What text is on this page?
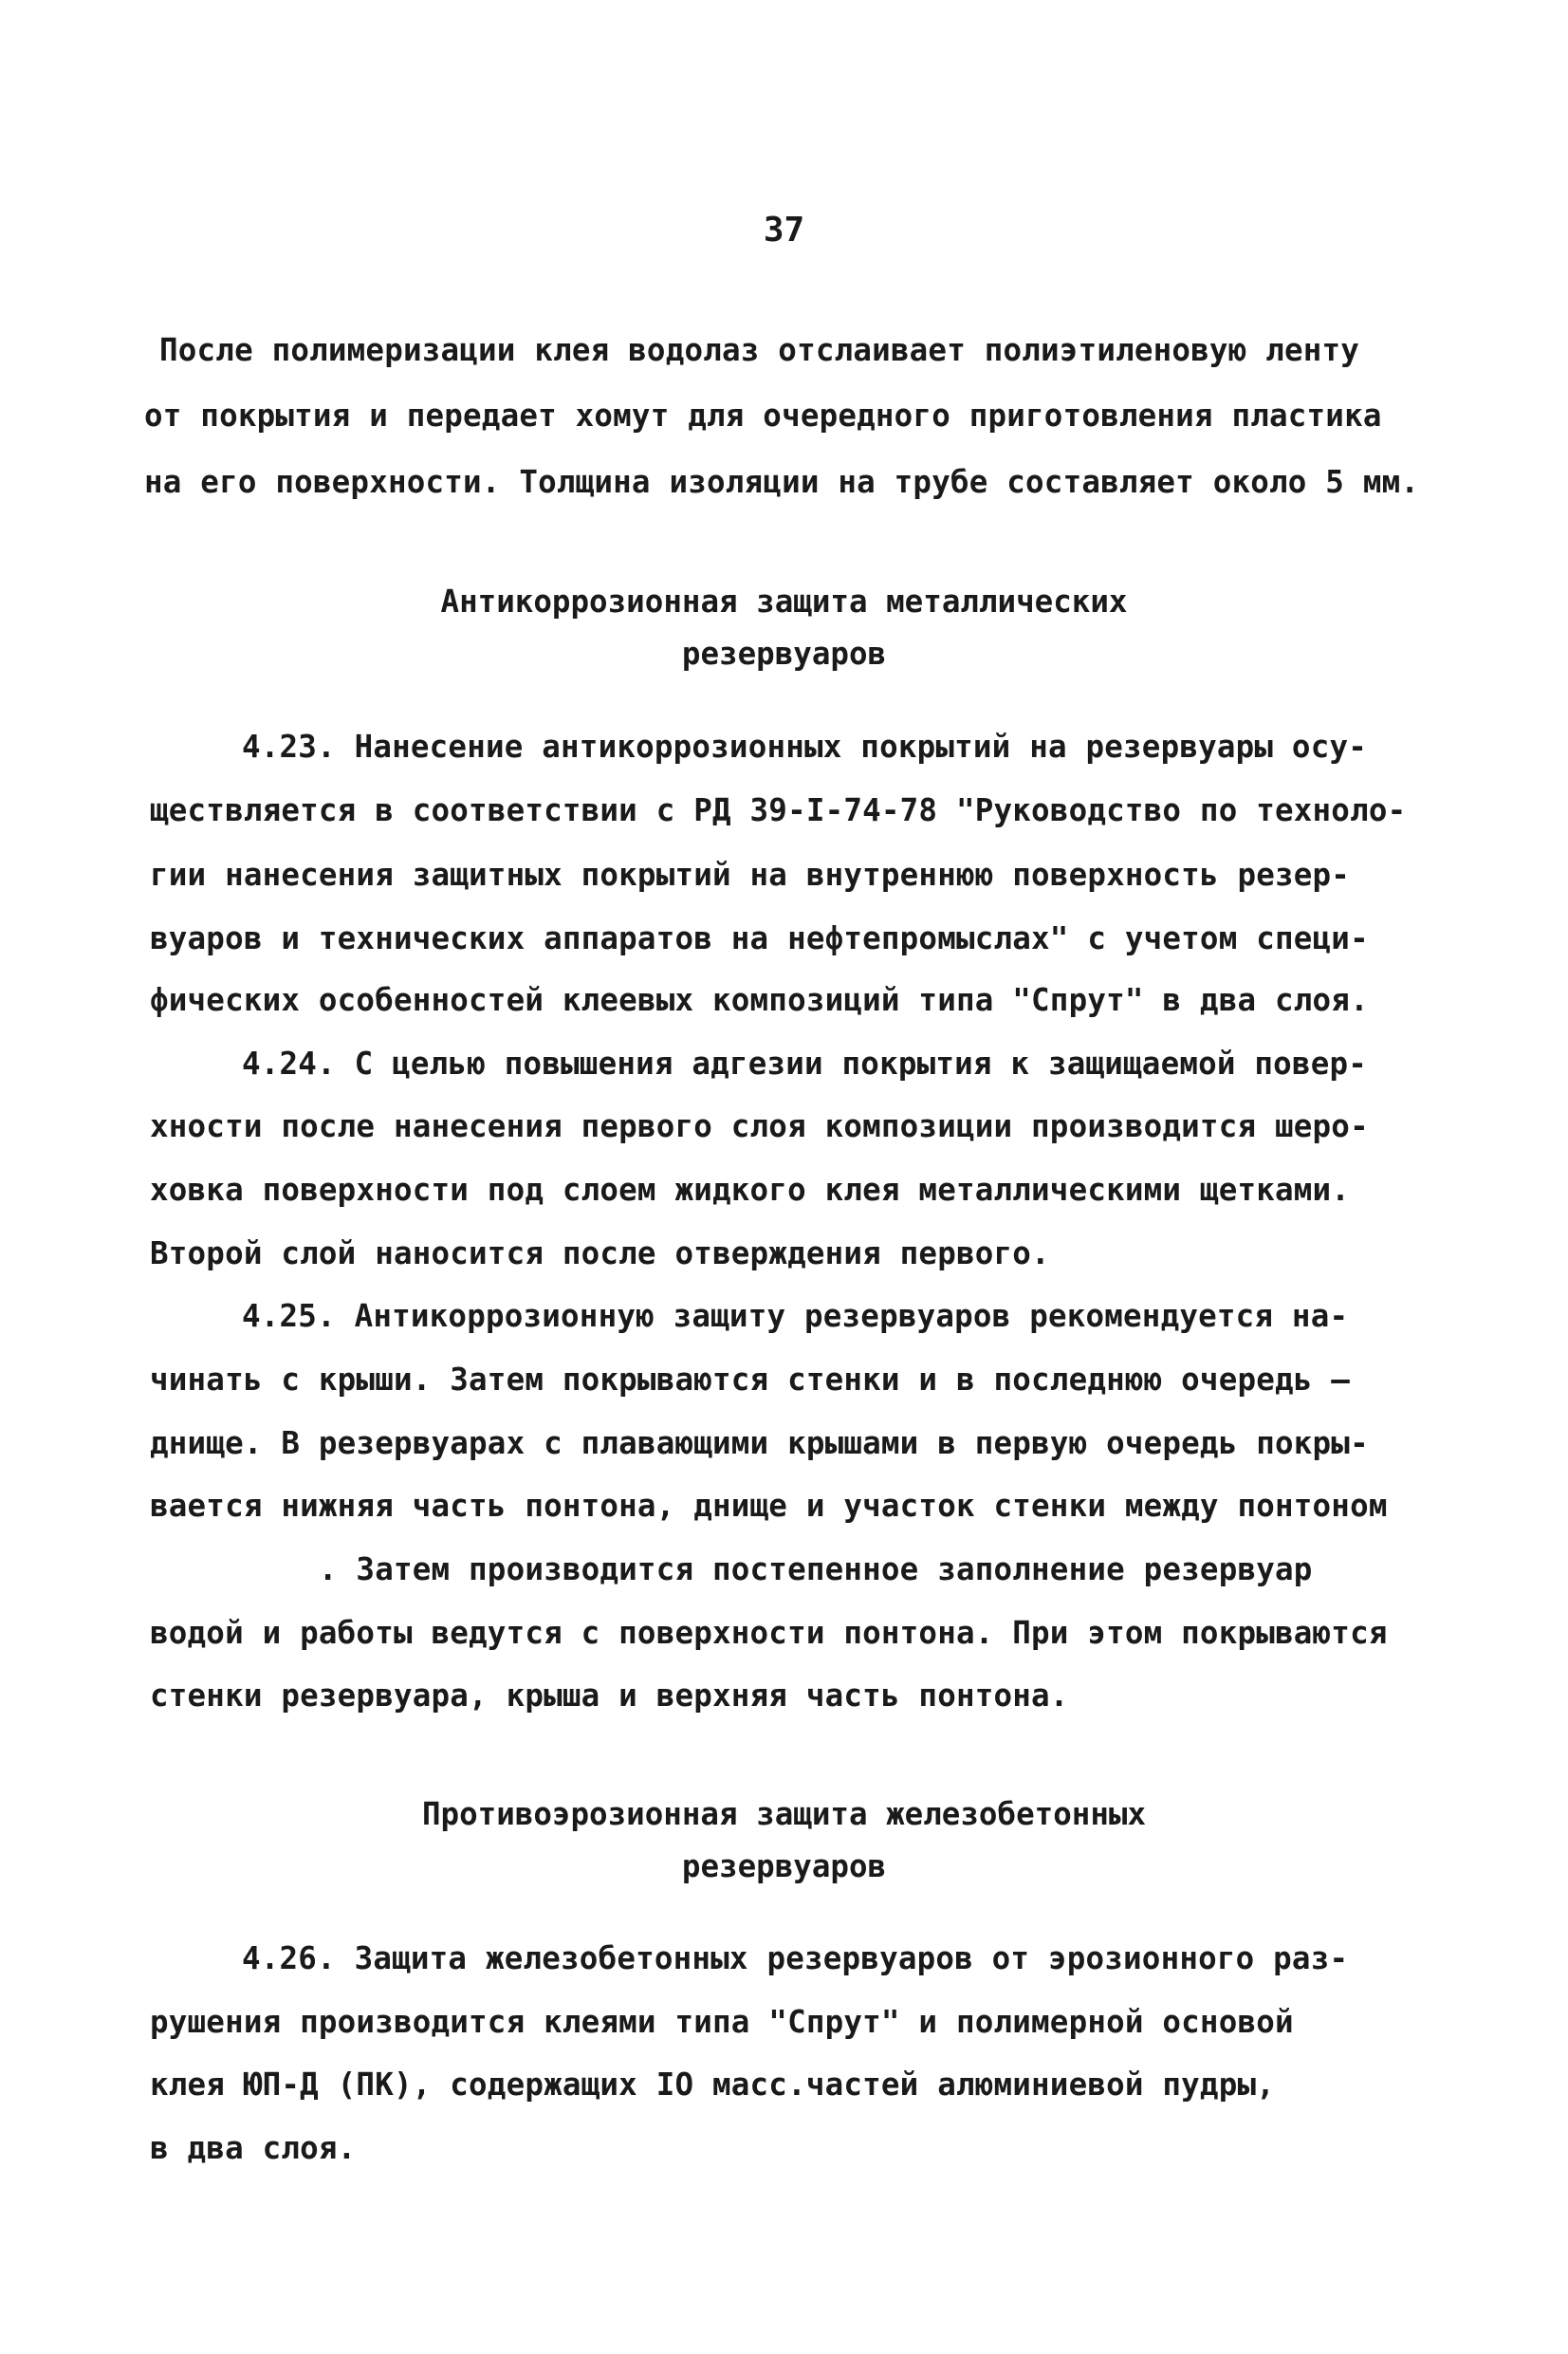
37
После полимеризации клея водолаз отслаивает полиэтиленовую ленту
от покрытия и передает хомут для очередного приготовления пластика
на его поверхности. Толщина изоляции на трубе составляет около 5 мм.
Антикоррозионная защита металлических
резервуаров
4.23. Нанесение антикоррозионных покрытий на резервуары осу-
ществляется в соответствии с РД 39-I-74-78 "Руководство по техноло-
гии нанесения защитных покрытий на внутреннюю поверхность резер-
вуаров и технических аппаратов на нефтепромыслах" с учетом специ-
фических особенностей клеевых композиций типа "Спрут" в два слоя.
4.24. С целью повышения адгезии покрытия к защищаемой повер-
хности после нанесения первого слоя композиции производится шеро-
ховка поверхности под слоем жидкого клея металлическими щетками.
Второй слой наносится после отверждения первого.
4.25. Антикоррозионную защиту резервуаров рекомендуется на-
чинать с крыши. Затем покрываются стенки и в последнюю очередь —
днище. В резервуарах с плавающими крышами в первую очередь покры-
вается нижняя часть понтона, днище и участок стенки между понтоном
. Затем производится постепенное заполнение резервуар
водой и работы ведутся с поверхности понтона. При этом покрываются
стенки резервуара, крыша и верхняя часть понтона.
Противоэрозионная защита железобетонных
резервуаров
4.26. Защита железобетонных резервуаров от эрозионного раз-
рушения производится клеями типа "Спрут" и полимерной основой
клея ЮП-Д (ПК), содержащих IO масс.частей алюминиевой пудры,
в два слоя.
